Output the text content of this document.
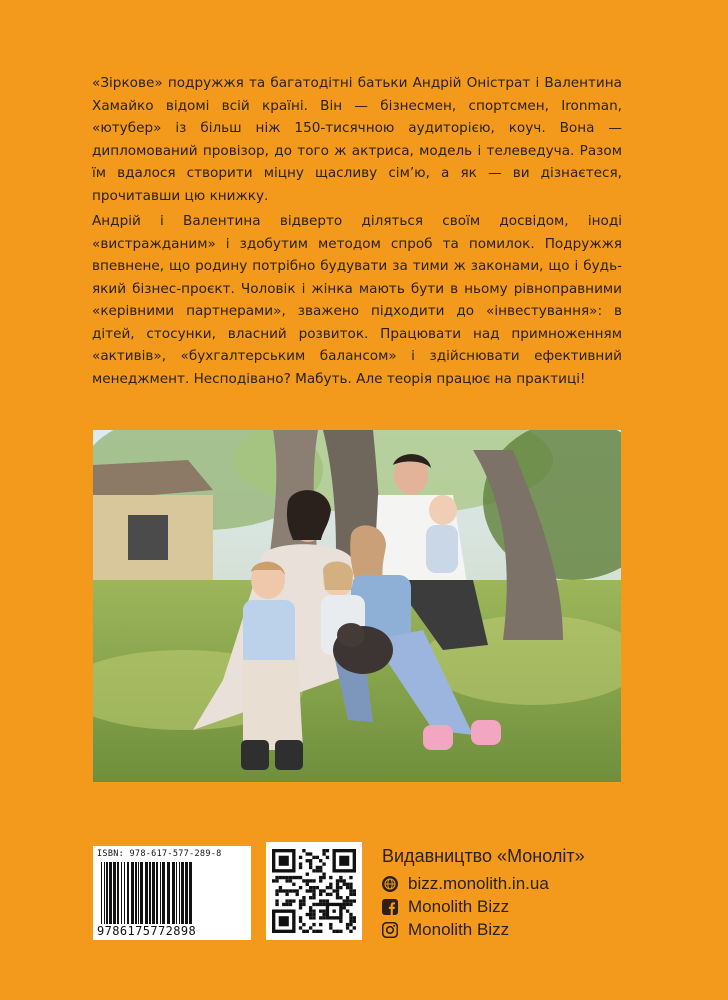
«Зіркове» подружжя та багатодітні батьки Андрій Оністрат і Валентина Хамайко відомі всій країні. Він — бізнесмен, спортсмен, Ironman, «ютубер» із більш ніж 150-тисячною аудиторією, коуч. Вона — дипломований провізор, до того ж актриса, модель і телеведуча. Разом їм вдалося створити міцну щасливу сім’ю, а як — ви дізнаєтеся, прочитавши цю книжку.
Андрій і Валентина відверто діляться своїм досвідом, іноді «вистражданим» і здобутим методом спроб та помилок. Подружжя впевнене, що родину потрібно будувати за тими ж законами, що і будь-який бізнес-проєкт. Чоловік і жінка мають бути в ньому рівноправними «керівними партнерами», зважено підходити до «інвестування»: в дітей, стосунки, власний розвиток. Працювати над примноженням «активів», «бухгалтерським балансом» і здійснювати ефективний менеджмент. Несподівано? Мабуть. Але теорія працює на практиці!
ISBN: 978-617-577-289-8
9786175772898
Видавництво «Моноліт»
bizz.monolith.in.ua
Monolith Bizz
Monolith Bizz
